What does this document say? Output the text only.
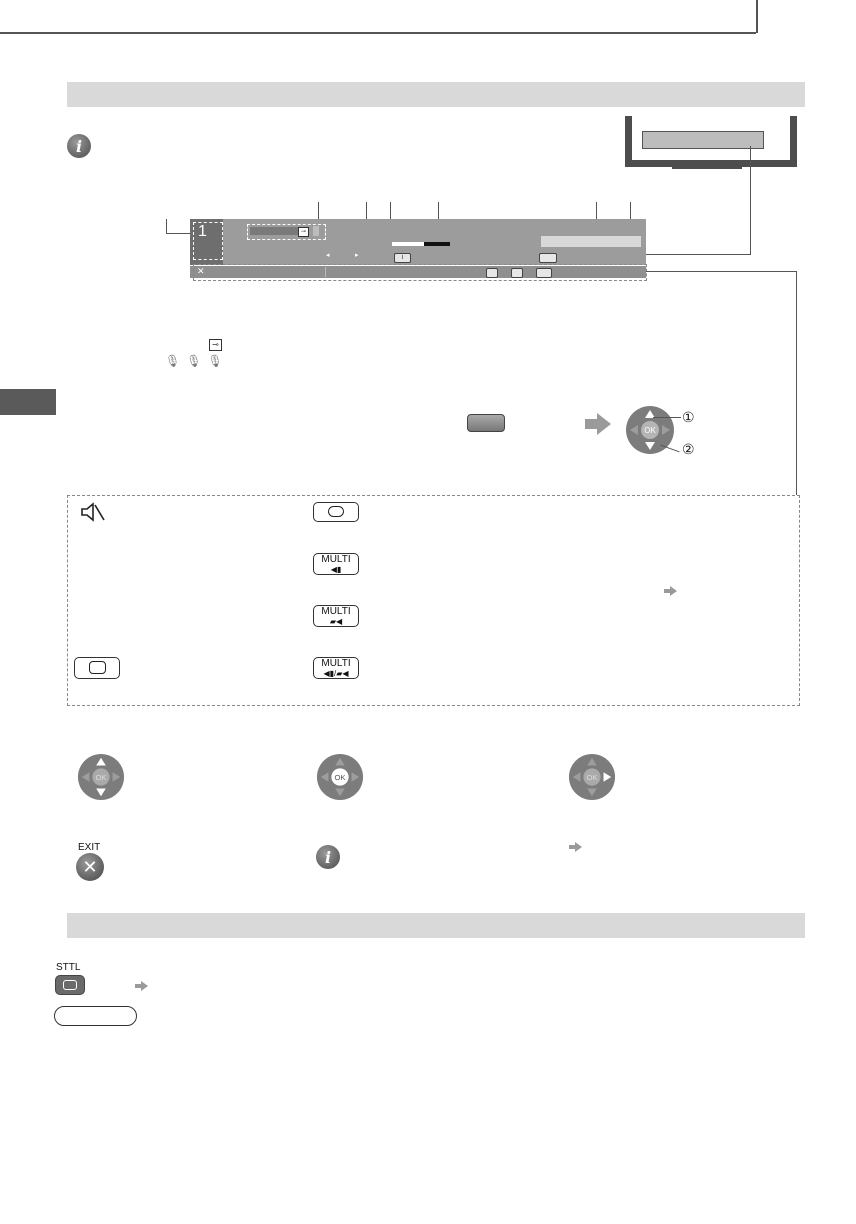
i
1	⊸
◂	▸	i
✕
⊸
🎙🎙🎙
OK
①
②
MULTI
◀▮
MULTI
▰◀
MULTI
◀▮/▰◀
OK	OK	OK
EXIT
✕	i
STTL
